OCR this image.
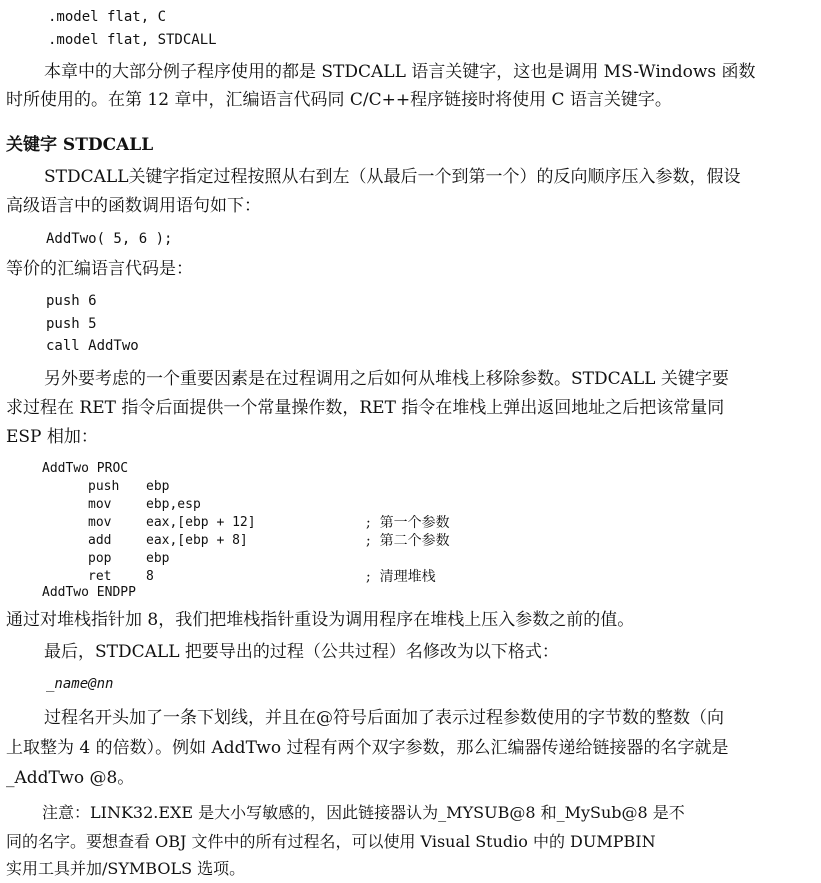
.model flat, C
.model flat, STDCALL
本章中的大部分例子程序使用的都是 STDCALL 语言关键字，这也是调用 MS-Windows 函数
时所使用的。在第 12 章中，汇编语言代码同 C/C++程序链接时将使用 C 语言关键字。
关键字 STDCALL
STDCALL关键字指定过程按照从右到左（从最后一个到第一个）的反向顺序压入参数，假设
高级语言中的函数调用语句如下：
AddTwo( 5, 6 );
等价的汇编语言代码是：
push 6
push 5
call AddTwo
另外要考虑的一个重要因素是在过程调用之后如何从堆栈上移除参数。STDCALL 关键字要
求过程在 RET 指令后面提供一个常量操作数，RET 指令在堆栈上弹出返回地址之后把该常量同
ESP 相加：
AddTwo PROC
push ebp
mov	ebp,esp
mov	eax,[ebp + 12]	;  第一个参数
add	eax,[ebp + 8]	;  第二个参数
pop	ebp
ret	8	;  清理堆栈
AddTwo ENDPP
通过对堆栈指针加 8，我们把堆栈指针重设为调用程序在堆栈上压入参数之前的值。
最后，STDCALL 把要导出的过程（公共过程）名修改为以下格式：
_name@nn
过程名开头加了一条下划线，并且在@符号后面加了表示过程参数使用的字节数的整数（向
上取整为 4 的倍数）。例如 AddTwo 过程有两个双字参数，那么汇编器传递给链接器的名字就是
_AddTwo @8。
注意：LINK32.EXE 是大小写敏感的，因此链接器认为_MYSUB@8 和_MySub@8 是不
同的名字。要想查看 OBJ 文件中的所有过程名，可以使用 Visual Studio 中的 DUMPBIN
实用工具并加/SYMBOLS 选项。
